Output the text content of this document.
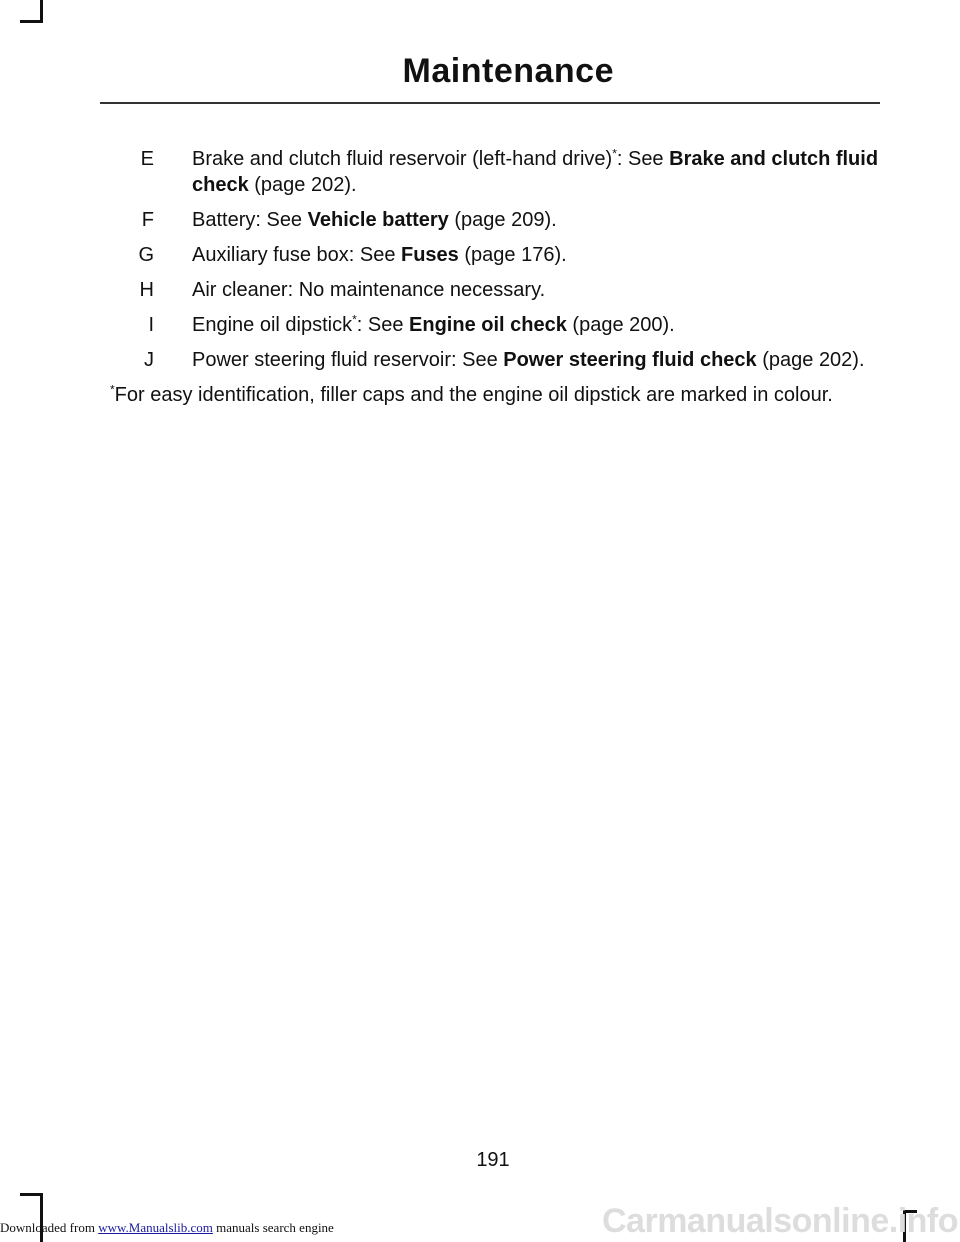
Maintenance
E	Brake and clutch fluid reservoir (left-hand drive)*: See Brake and clutch fluid check (page 202).
F	Battery: See Vehicle battery (page 209).
G	Auxiliary fuse box: See Fuses (page 176).
H	Air cleaner: No maintenance necessary.
I	Engine oil dipstick*: See Engine oil check (page 200).
J	Power steering fluid reservoir: See Power steering fluid check (page 202).
*For easy identification, filler caps and the engine oil dipstick are marked in colour.
191
Carmanualsonline.info
Downloaded from www.Manualslib.com manuals search engine
